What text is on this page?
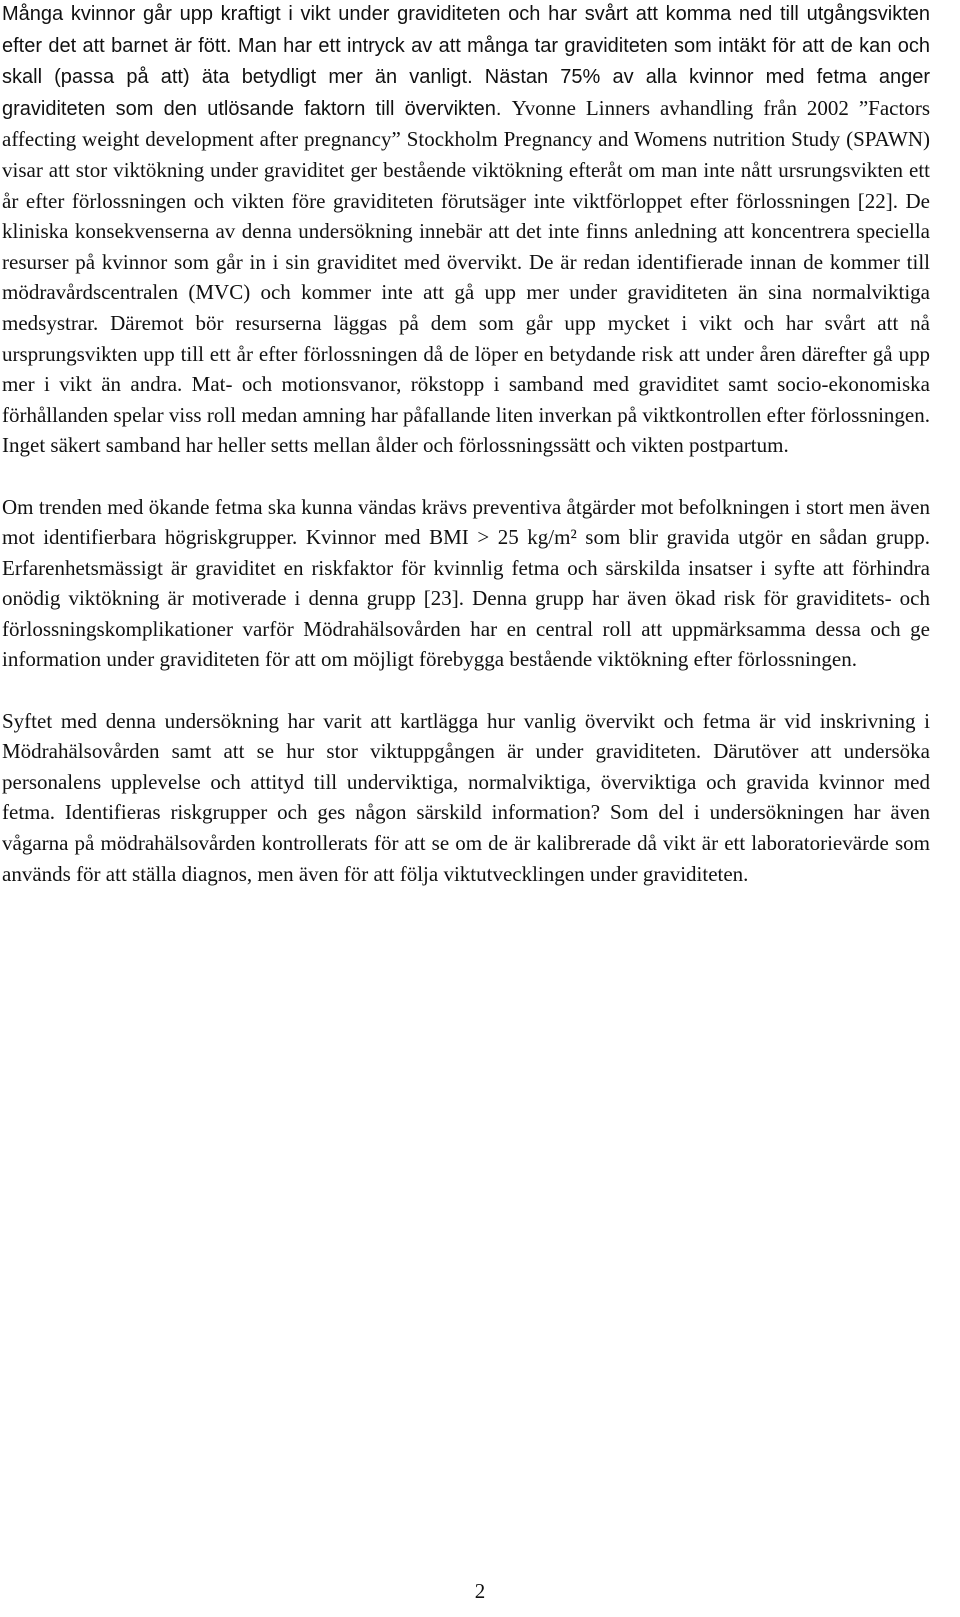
Många kvinnor går upp kraftigt i vikt under graviditeten och har svårt att komma ned till utgångsvikten efter det att barnet är fött. Man har ett intryck av att många tar graviditeten som intäkt för att de kan och skall (passa på att) äta betydligt mer än vanligt. Nästan 75% av alla kvinnor med fetma anger graviditeten som den utlösande faktorn till övervikten. Yvonne Linners avhandling från 2002 ”Factors affecting weight development after pregnancy” Stockholm Pregnancy and Womens nutrition Study (SPAWN) visar att stor viktökning under graviditet ger bestående viktökning efteråt om man inte nått ursrungsvikten ett år efter förlossningen och vikten före graviditeten förutsäger inte viktförloppet efter förlossningen [22]. De kliniska konsekvenserna av denna undersökning innebär att det inte finns anledning att koncentrera speciella resurser på kvinnor som går in i sin graviditet med övervikt. De är redan identifierade innan de kommer till mödravårdscentralen (MVC) och kommer inte att gå upp mer under graviditeten än sina normalviktiga medsystrar. Däremot bör resurserna läggas på dem som går upp mycket i vikt och har svårt att nå ursprungsvikten upp till ett år efter förlossningen då de löper en betydande risk att under åren därefter gå upp mer i vikt än andra. Mat- och motionsvanor, rökstopp i samband med graviditet samt socio-ekonomiska förhållanden spelar viss roll medan amning har påfallande liten inverkan på viktkontrollen efter förlossningen. Inget säkert samband har heller setts mellan ålder och förlossningssätt och vikten postpartum.

Om trenden med ökande fetma ska kunna vändas krävs preventiva åtgärder mot befolkningen i stort men även mot identifierbara högriskgrupper. Kvinnor med BMI > 25 kg/m² som blir gravida utgör en sådan grupp. Erfarenhetsmässigt är graviditet en riskfaktor för kvinnlig fetma och särskilda insatser i syfte att förhindra onödig viktökning är motiverade i denna grupp [23]. Denna grupp har även ökad risk för graviditets- och förlossningskomplikationer varför Mödrahälsovården har en central roll att uppmärksamma dessa och ge information under graviditeten för att om möjligt förebygga bestående viktökning efter förlossningen.

Syftet med denna undersökning har varit att kartlägga hur vanlig övervikt och fetma är vid inskrivning i Mödrahälsovården samt att se hur stor viktuppgången är under graviditeten. Därutöver att undersöka personalens upplevelse och attityd till underviktiga, normalviktiga, överviktiga och gravida kvinnor med fetma. Identifieras riskgrupper och ges någon särskild information? Som del i undersökningen har även vågarna på mödrahälsovården kontrollerats för att se om de är kalibrerade då vikt är ett laboratorievärde som används för att ställa diagnos, men även för att följa viktutvecklingen under graviditeten.

2
